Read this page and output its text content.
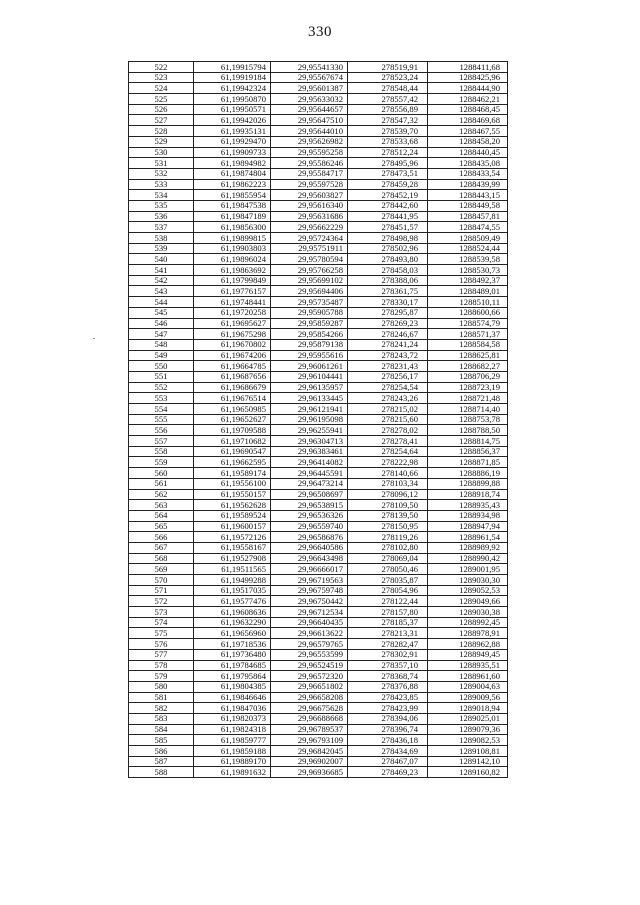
330
522	61,19915794	29,95541330	278519,91	1288411,68
523	61,19919184	29,95567674	278523,24	1288425,96
524	61,19942324	29,95601387	278548,44	1288444,90
525	61,19950870	29,95633032	278557,42	1288462,21
526	61,19950571	29,95644657	278556,89	1288468,45
527	61,19942026	29,95647510	278547,32	1288469,68
528	61,19935131	29,95644010	278539,70	1288467,55
529	61,19929470	29,95626982	278533,68	1288458,20
530	61,19909733	29,95595258	278512,24	1288440,45
531	61,19894982	29,95586246	278495,96	1288435,08
532	61,19874804	29,95584717	278473,51	1288433,54
533	61,19862223	29,95597528	278459,28	1288439,99
534	61,19855954	29,95603827	278452,19	1288443,15
535	61,19847538	29,95616340	278442,60	1288449,58
536	61,19847189	29,95631686	278441,95	1288457,81
537	61,19856300	29,95662229	278451,57	1288474,55
538	61,19899815	29,95724364	278498,98	1288509,49
539	61,19903803	29,95751911	278502,96	1288524,44
540	61,19896024	29,95780594	278493,80	1288539,58
541	61,19863692	29,95766258	278458,03	1288530,73
542	61,19799849	29,95699102	278388,06	1288492,37
543	61,19776157	29,95694406	278361,75	1288489,01
544	61,19748441	29,95735487	278330,17	1288510,11
545	61,19720258	29,95905788	278295,87	1288600,66
546	61,19695627	29,95859287	278269,23	1288574,79
547	61,19675298	29,95854266	278246,67	1288571,37
548	61,19670802	29,95879138	278241,24	1288584,58
549	61,19674206	29,95955616	278243,72	1288625,81
550	61,19664785	29,96061261	278231,43	1288682,27
551	61,19687656	29,96104441	278256,17	1288706,29
552	61,19686679	29,96135957	278254,54	1288723,19
553	61,19676514	29,96133445	278243,26	1288721,48
554	61,19650985	29,96121941	278215,02	1288714,40
555	61,19652627	29,96195098	278215,60	1288753,78
556	61,19709588	29,96255941	278278,02	1288788,50
557	61,19710682	29,96304713	278278,41	1288814,75
558	61,19690547	29,96383461	278254,64	1288856,37
559	61,19662595	29,96414082	278222,98	1288871,85
560	61,19589174	29,96445591	278140,66	1288886,19
561	61,19556100	29,96473214	278103,34	1288899,88
562	61,19550157	29,96508697	278096,12	1288918,74
563	61,19562628	29,96538915	278109,50	1288935,43
564	61,19589524	29,96536326	278139,50	1288934,98
565	61,19600157	29,96559740	278150,95	1288947,94
566	61,19572126	29,96586876	278119,26	1288961,54
567	61,19558167	29,96640586	278102,80	1288989,92
568	61,19527908	29,96643498	278069,04	1288990,42
569	61,19511565	29,96666017	278050,46	1289001,95
570	61,19499288	29,96719563	278035,87	1289030,30
571	61,19517035	29,96759748	278054,96	1289052,53
572	61,19577476	29,96750442	278122,44	1289049,66
573	61,19608636	29,96712534	278157,80	1289030,38
574	61,19632290	29,96640435	278185,37	1288992,45
575	61,19656960	29,96613622	278213,31	1288978,91
576	61,19718536	29,96579765	278282,47	1288962,88
577	61,19736480	29,96553599	278302,91	1288949,45
578	61,19784685	29,96524519	278357,10	1288935,51
579	61,19795864	29,96572320	278368,74	1288961,60
580	61,19804385	29,96651802	278376,88	1289004,63
581	61,19846646	29,96658208	278423,85	1289009,56
582	61,19847036	29,96675628	278423,99	1289018,94
583	61,19820373	29,96688668	278394,06	1289025,01
584	61,19824318	29,96789537	278396,74	1289079,36
585	61,19859777	29,96793109	278436,18	1289082,53
586	61,19859188	29,96842045	278434,69	1289108,81
587	61,19889170	29,96902007	278467,07	1289142,10
588	61,19891632	29,96936685	278469,23	1289160,82
